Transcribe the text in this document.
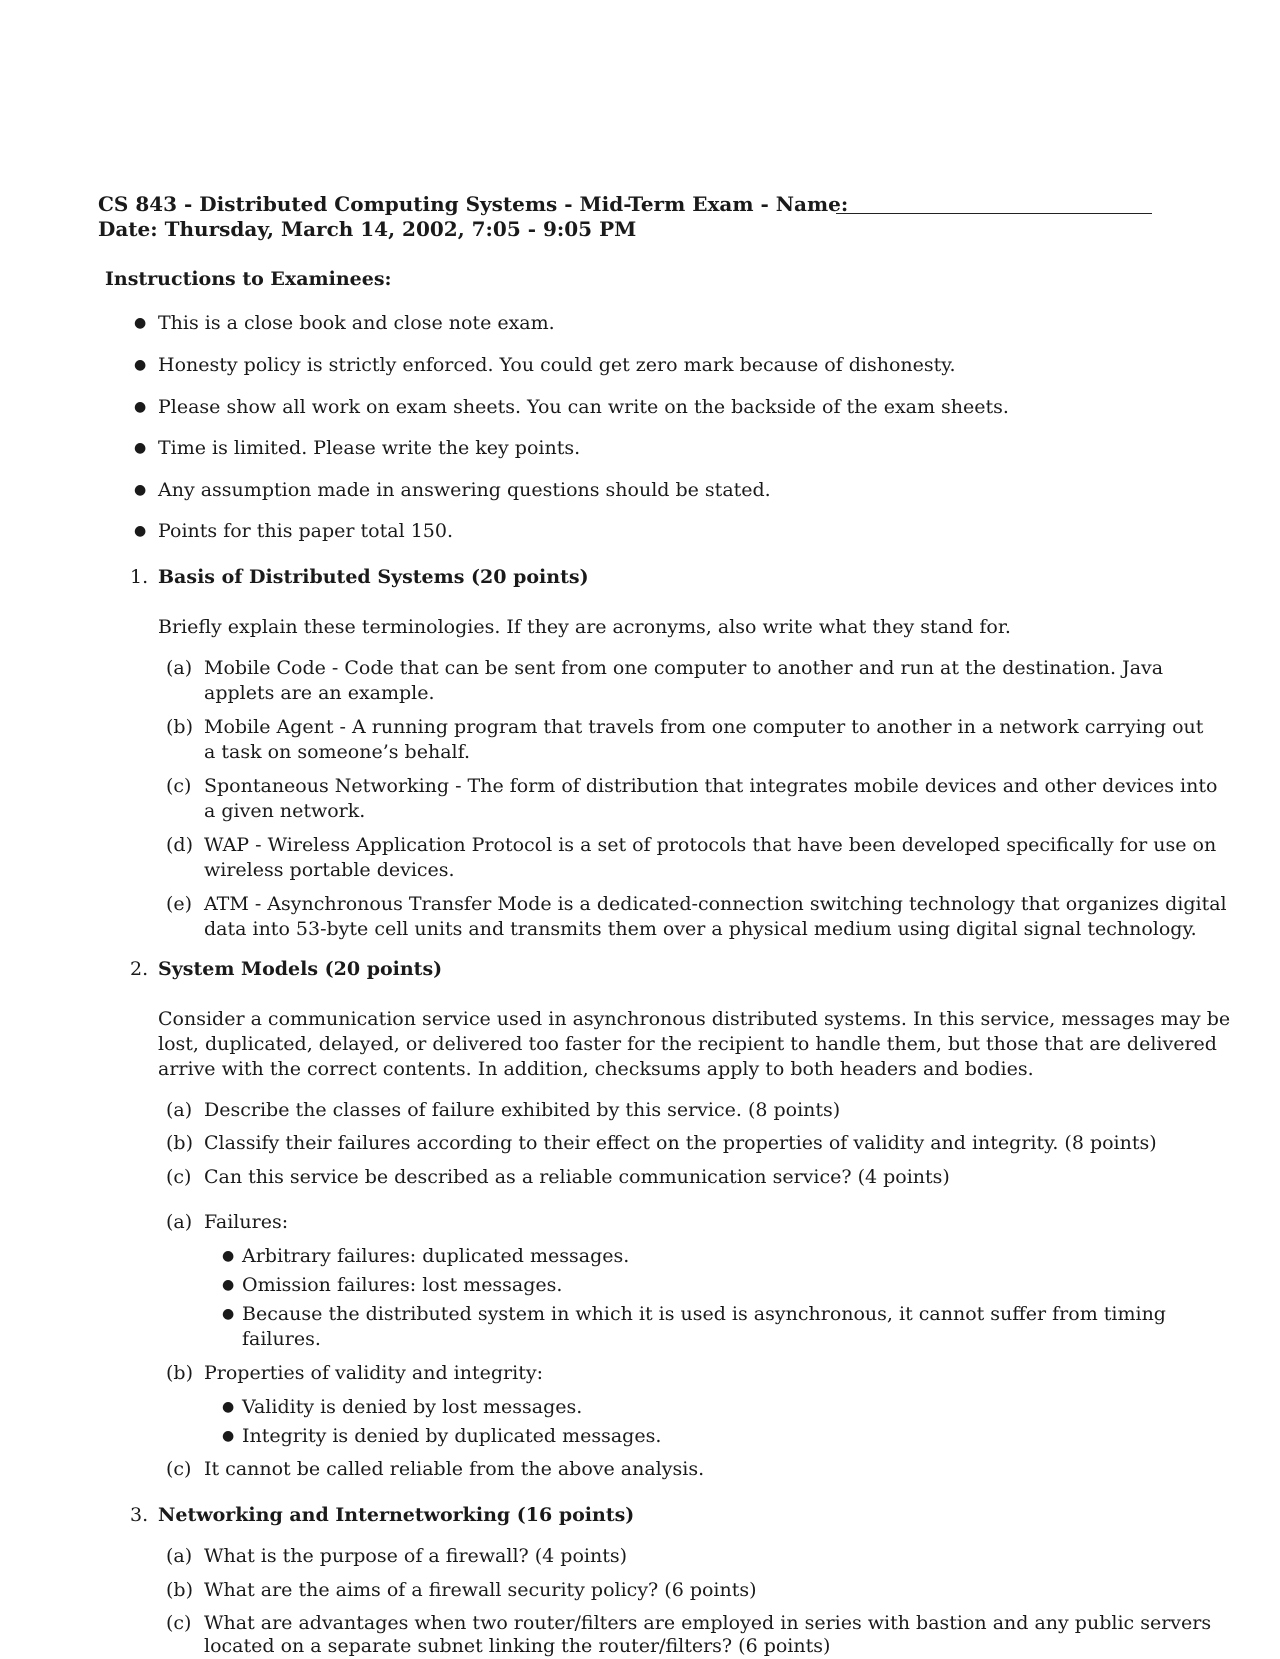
CS 843 - Distributed Computing Systems - Mid-Term Exam - Name:
Date: Thursday, March 14, 2002, 7:05 - 9:05 PM
Instructions to Examinees:
● This is a close book and close note exam.
● Honesty policy is strictly enforced. You could get zero mark because of dishonesty.
● Please show all work on exam sheets. You can write on the backside of the exam sheets.
● Time is limited. Please write the key points.
● Any assumption made in answering questions should be stated.
● Points for this paper total 150.
1. Basis of Distributed Systems (20 points)
Briefly explain these terminologies. If they are acronyms, also write what they stand for.
(a) Mobile Code - Code that can be sent from one computer to another and run at the destination. Java
applets are an example.
(b) Mobile Agent - A running program that travels from one computer to another in a network carrying out
a task on someone’s behalf.
(c) Spontaneous Networking - The form of distribution that integrates mobile devices and other devices into
a given network.
(d) WAP - Wireless Application Protocol is a set of protocols that have been developed specifically for use on
wireless portable devices.
(e) ATM - Asynchronous Transfer Mode is a dedicated-connection switching technology that organizes digital
data into 53-byte cell units and transmits them over a physical medium using digital signal technology.
2. System Models (20 points)
Consider a communication service used in asynchronous distributed systems. In this service, messages may be
lost, duplicated, delayed, or delivered too faster for the recipient to handle them, but those that are delivered
arrive with the correct contents. In addition, checksums apply to both headers and bodies.
(a) Describe the classes of failure exhibited by this service. (8 points)
(b) Classify their failures according to their effect on the properties of validity and integrity. (8 points)
(c) Can this service be described as a reliable communication service? (4 points)
(a) Failures:
● Arbitrary failures: duplicated messages.
● Omission failures: lost messages.
● Because the distributed system in which it is used is asynchronous, it cannot suffer from timing
failures.
(b) Properties of validity and integrity:
● Validity is denied by lost messages.
● Integrity is denied by duplicated messages.
(c) It cannot be called reliable from the above analysis.
3. Networking and Internetworking (16 points)
(a) What is the purpose of a firewall? (4 points)
(b) What are the aims of a firewall security policy? (6 points)
(c) What are advantages when two router/filters are employed in series with bastion and any public servers
located on a separate subnet linking the router/filters? (6 points)
